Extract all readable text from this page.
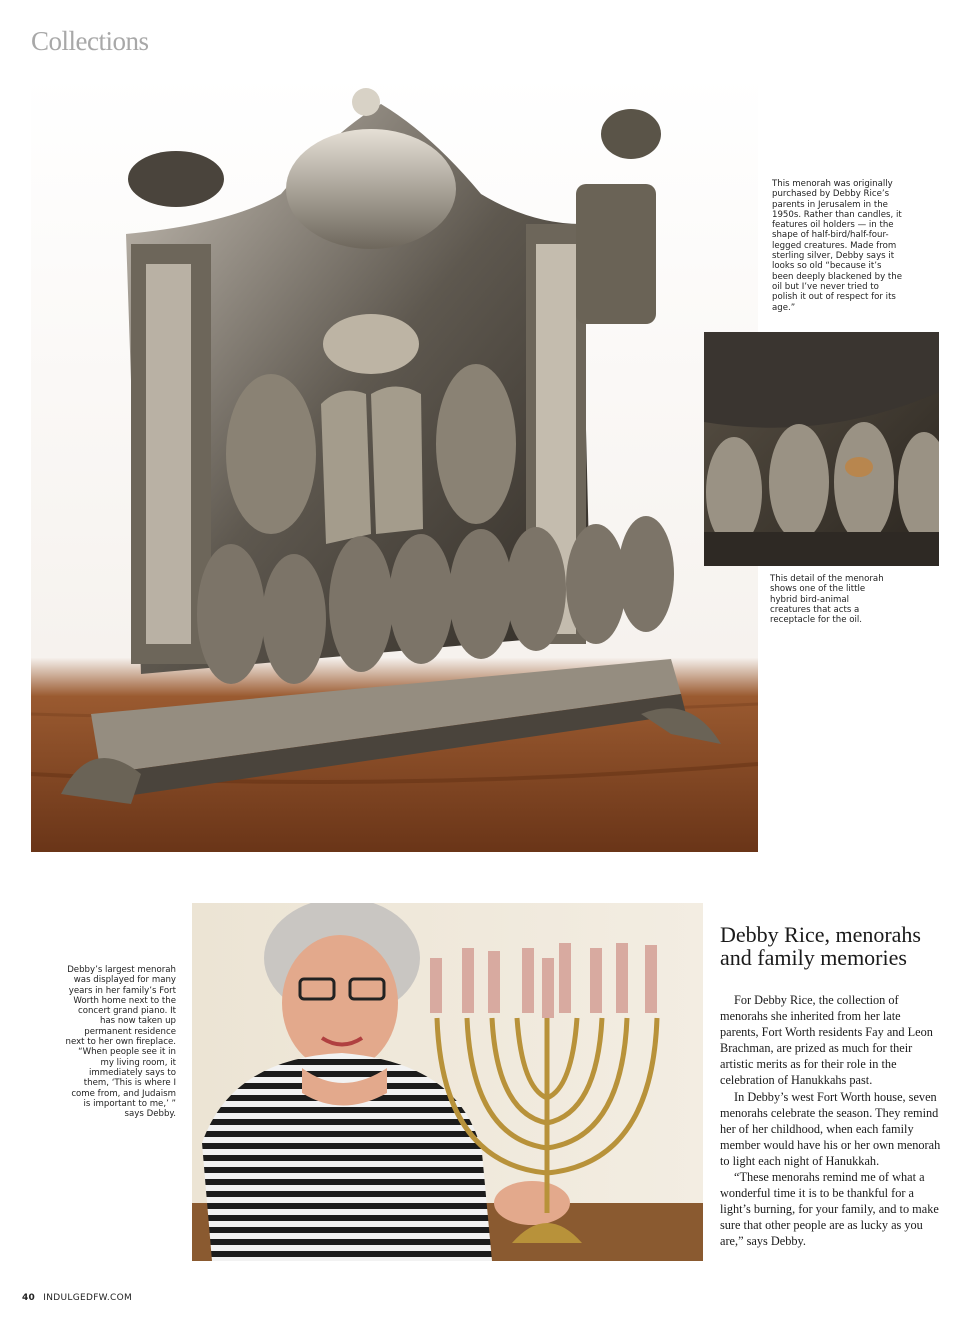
Collections
This menorah was originally purchased by Debby Rice’s parents in Jerusalem in the 1950s. Rather than candles, it features oil holders — in the shape of half-bird/half-four-legged creatures. Made from sterling silver, Debby says it looks so old “because it’s been deeply blackened by the oil but I’ve never tried to polish it out of respect for its age.”
This detail of the menorah shows one of the little hybrid bird-animal creatures that acts a receptacle for the oil.
Debby’s largest menorah was displayed for many years in her family’s Fort Worth home next to the concert grand piano. It has now taken up permanent residence next to her own fireplace. “When people see it in my living room, it immediately says to them, ‘This is where I come from, and Judaism is important to me,’ ” says Debby.
Debby Rice, menorahs and family memories

For Debby Rice, the collection of menorahs she inherited from her late parents, Fort Worth residents Fay and Leon Brachman, are prized as much for their artistic merits as for their role in the celebration of Hanukkahs past.

In Debby’s west Fort Worth house, seven menorahs celebrate the season. They remind her of her childhood, when each family member would have his or her own menorah to light each night of Hanukkah.

“These menorahs remind me of what a wonderful time it is to be thankful for a light’s burning, for your family, and to make sure that other people are as lucky as you are,” says Debby.

40 INDULGEDFW.COM
